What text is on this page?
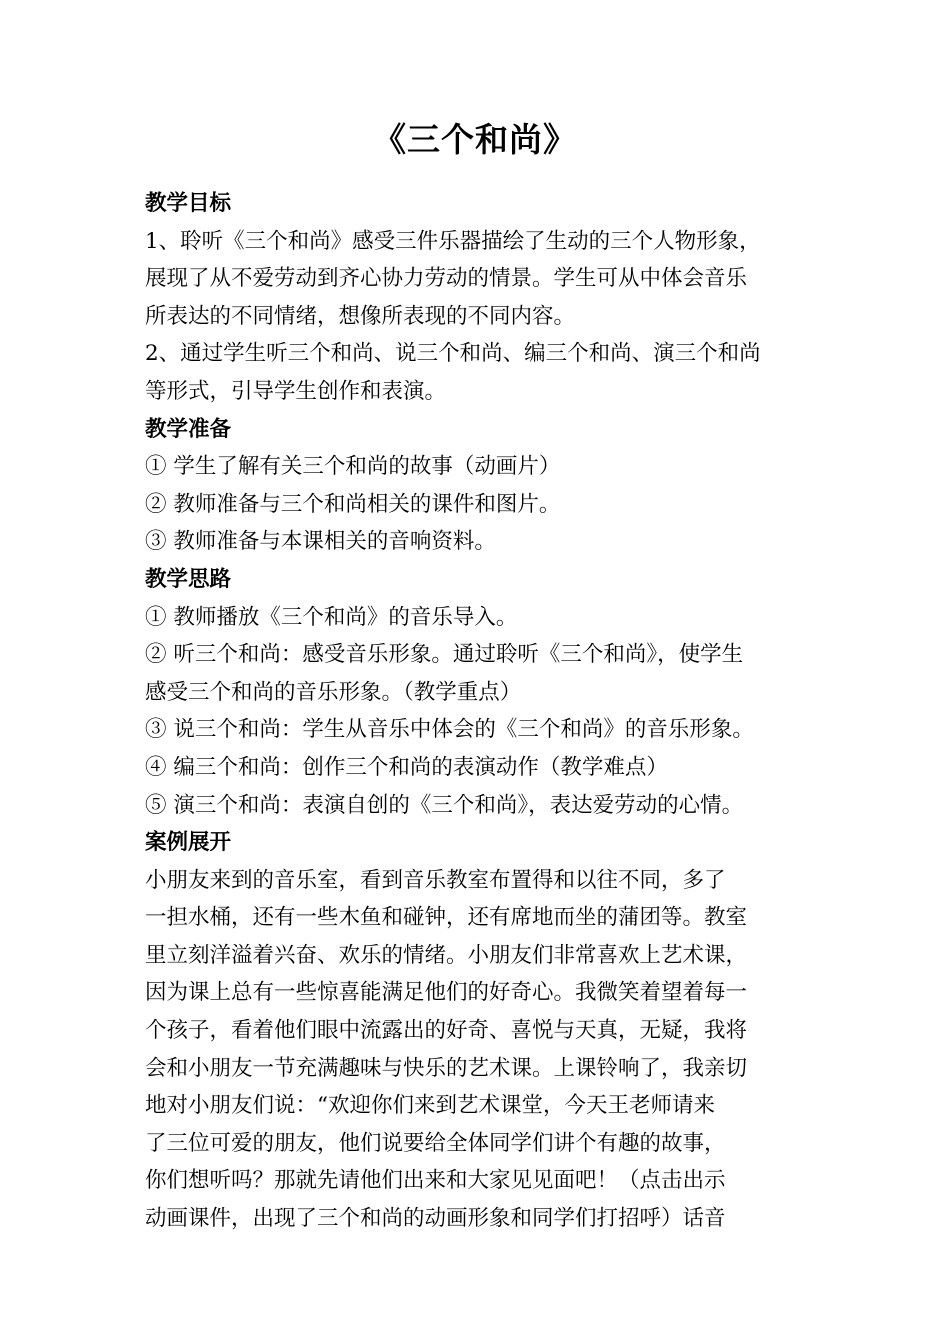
《三个和尚》
教学目标
1、聆听《三个和尚》感受三件乐器描绘了生动的三个人物形象，
展现了从不爱劳动到齐心协力劳动的情景。学生可从中体会音乐
所表达的不同情绪，想像所表现的不同内容。
2、通过学生听三个和尚、说三个和尚、编三个和尚、演三个和尚
等形式，引导学生创作和表演。
教学准备
① 学生了解有关三个和尚的故事（动画片）
② 教师准备与三个和尚相关的课件和图片。
③ 教师准备与本课相关的音响资料。
教学思路
① 教师播放《三个和尚》的音乐导入。
② 听三个和尚：感受音乐形象。通过聆听《三个和尚》，使学生
感受三个和尚的音乐形象。（教学重点）
③ 说三个和尚：学生从音乐中体会的《三个和尚》的音乐形象。
④ 编三个和尚：创作三个和尚的表演动作（教学难点）
⑤ 演三个和尚：表演自创的《三个和尚》，表达爱劳动的心情。
案例展开
小朋友来到的音乐室，看到音乐教室布置得和以往不同，多了
一担水桶，还有一些木鱼和碰钟，还有席地而坐的蒲团等。教室
里立刻洋溢着兴奋、欢乐的情绪。小朋友们非常喜欢上艺术课，
因为课上总有一些惊喜能满足他们的好奇心。我微笑着望着每一
个孩子，看着他们眼中流露出的好奇、喜悦与天真，无疑，我将
会和小朋友一节充满趣味与快乐的艺术课。上课铃响了，我亲切
地对小朋友们说：“欢迎你们来到艺术课堂，今天王老师请来
了三位可爱的朋友，他们说要给全体同学们讲个有趣的故事，
你们想听吗？那就先请他们出来和大家见见面吧！（点击出示
动画课件，出现了三个和尚的动画形象和同学们打招呼）话音
